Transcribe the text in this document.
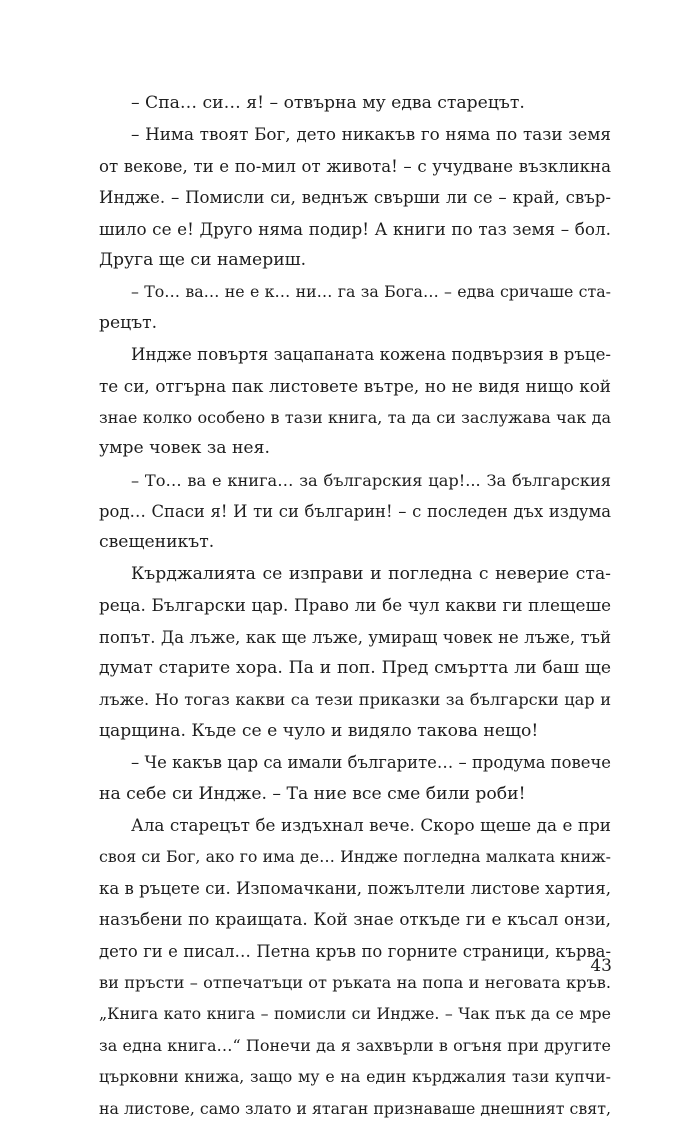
– Спа… си… я! – отвърна му едва старецът.
– Нима твоят Бог, дето никакъв го няма по тази земя
от векове, ти е по-мил от живота! – с учудване възкликна
Индже. – Помисли си, веднъж свърши ли се – край, свър-
шило се е! Друго няма подир! А книги по таз земя – бол.
Друга ще си намериш.
– То… ва… не е к… ни… га за Бога… – едва сричаше ста-
рецът.
Индже повъртя зацапаната кожена подвързия в ръце-
те си, отгърна пак листовете вътре, но не видя нищо кой
знае колко особено в тази книга, та да си заслужава чак да
умре човек за нея.
– То… ва е книга… за българския цар!... За българския
род… Спаси я! И ти си българин! – с последен дъх издума
свещеникът.
Кърджалията се изправи и погледна с неверие ста-
реца. Български цар. Право ли бе чул какви ги плещеше
попът. Да лъже, как ще лъже, умиращ човек не лъже, тъй
думат старите хора. Па и поп. Пред смъртта ли баш ще
лъже. Но тогаз какви са тези приказки за български цар и
царщина. Къде се е чуло и видяло такова нещо!
– Че какъв цар са имали българите… – продума повече
на себе си Индже. – Та ние все сме били роби!
Ала старецът бе издъхнал вече. Скоро щеше да е при
своя си Бог, ако го има де… Индже погледна малката книж-
ка в ръцете си. Изпомачкани, пожълтели листове хартия,
назъбени по краищата. Кой знае откъде ги е късал онзи,
дето ги е писал… Петна кръв по горните страници, кърва-
ви пръсти – отпечатъци от ръката на попа и неговата кръв.
„Книга като книга – помисли си Индже. – Чак пък да се мре
за една книга…“ Понечи да я захвърли в огъня при другите
църковни книжа, защо му е на един кърджалия тази купчи-
на листове, само злато и ятаган признаваше днешният свят,
43
